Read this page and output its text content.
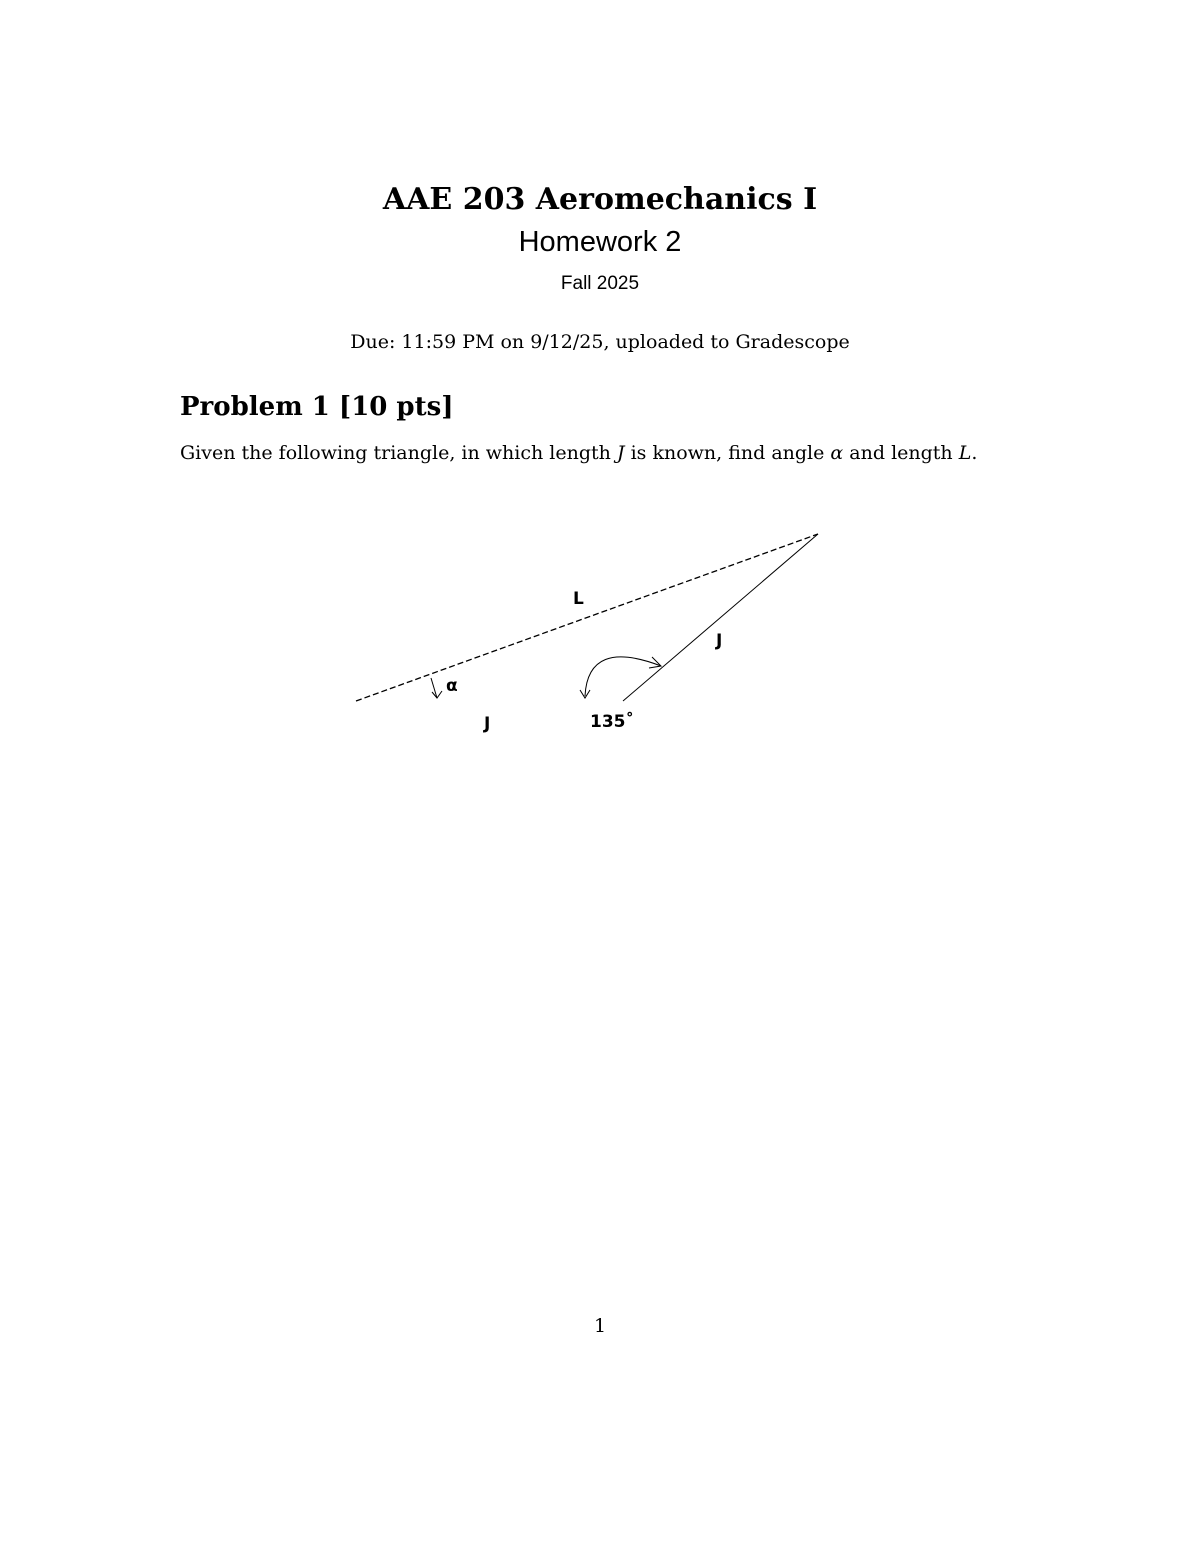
AAE 203 Aeromechanics I
Homework 2
Fall 2025
Due: 11:59 PM on 9/12/25, uploaded to Gradescope
Problem 1 [10 pts]
Given the following triangle, in which length J is known, find angle α and length L.
L
J
α
J	135˚
1
